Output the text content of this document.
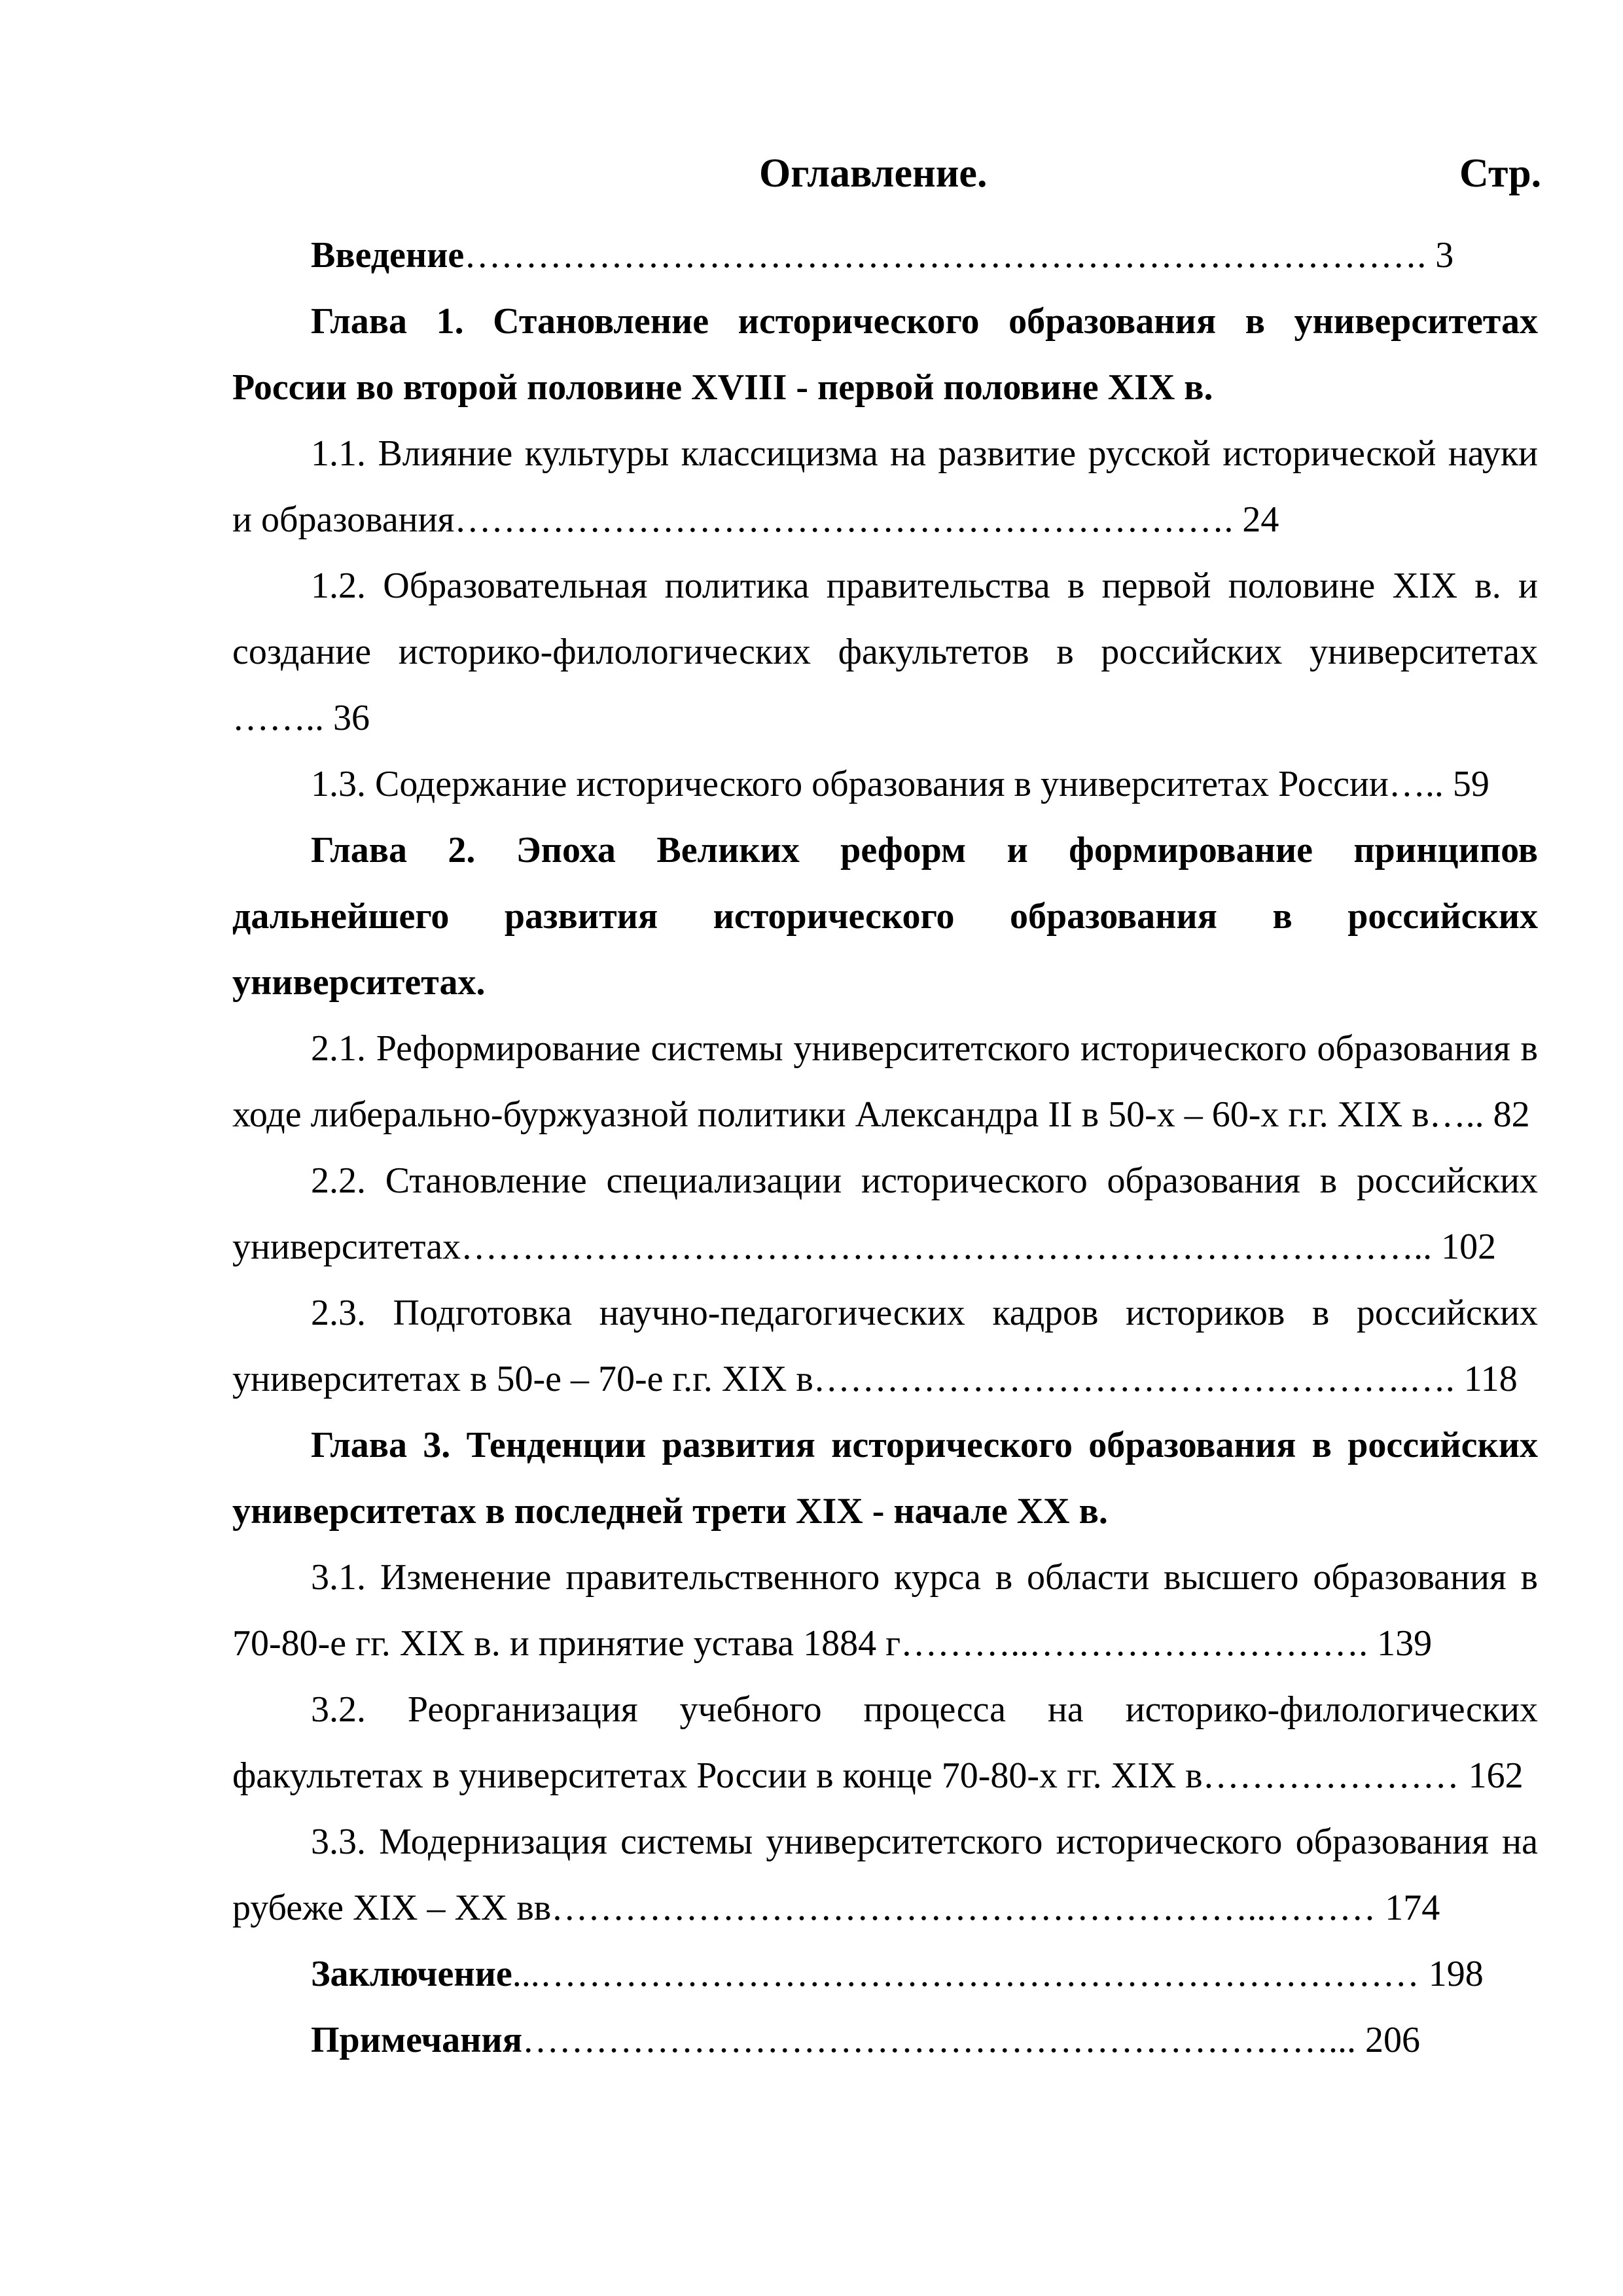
Оглавление.	Стр.

Введение……………………………………………………………………. 3

Глава 1. Становление исторического образования в университетах России во второй половине XVIII - первой половине XIX в.

1.1. Влияние культуры классицизма на развитие русской исторической науки и образования………………………………………………………. 24

1.2. Образовательная политика правительства в первой половине XIX в. и создание историко-филологических факультетов в российских университетах …….. 36

1.3. Содержание исторического образования в университетах России….. 59

Глава 2. Эпоха Великих реформ и формирование принципов дальнейшего развития исторического образования в российских университетах.

2.1. Реформирование системы университетского исторического образования в ходе либерально-буржуазной политики Александра II в 50-х – 60-х г.г. XIX в….. 82

2.2. Становление специализации исторического образования в российских университетах…………………………………………………………………….. 102

2.3. Подготовка научно-педагогических кадров историков в российских университетах в 50-е – 70-е г.г. XIX в………………………………………….…. 118

Глава 3. Тенденции развития исторического образования в российских университетах в последней трети XIX - начале XX в.

3.1. Изменение правительственного курса в области высшего образования в 70-80-е гг. XIX в. и принятие устава 1884 г………..………………………. 139

3.2. Реорганизация учебного процесса на историко-филологических факультетах в университетах России в конце 70-80-х гг. XIX в………………… 162

3.3. Модернизация системы университетского исторического образования на рубеже XIX – XX вв…………………………………………………..……… 174

Заключение...……………………………………………………………… 198

Примечания…………………………………………………………... 206
